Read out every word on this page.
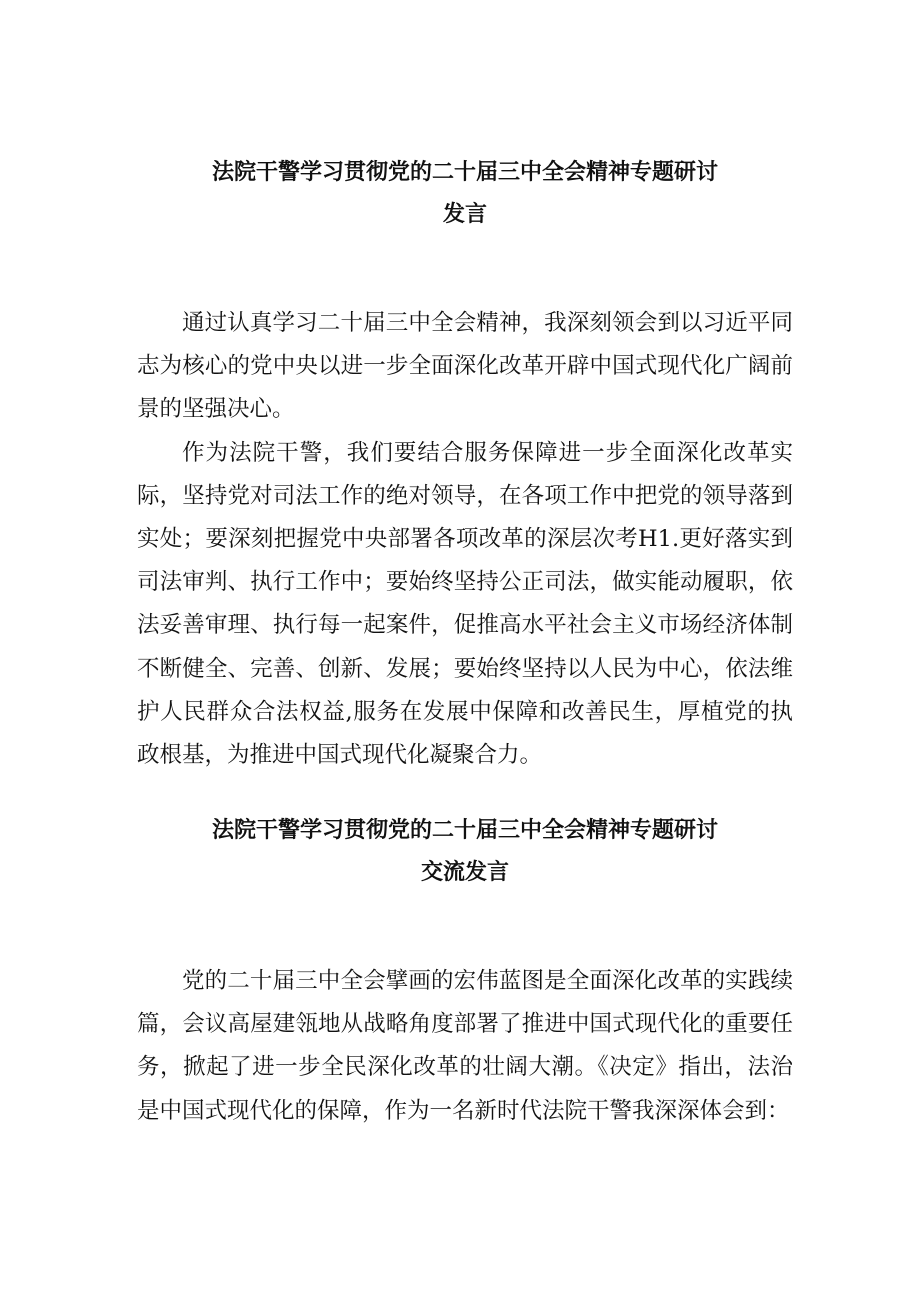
法院干警学习贯彻党的二十届三中全会精神专题研讨
发言

通过认真学习二十届三中全会精神，我深刻领会到以习近平同志为核心的党中央以进一步全面深化改革开辟中国式现代化广阔前景的坚强决心。

作为法院干警，我们要结合服务保障进一步全面深化改革实际，坚持党对司法工作的绝对领导，在各项工作中把党的领导落到实处；要深刻把握党中央部署各项改革的深层次考H1.更好落实到司法审判、执行工作中；要始终坚持公正司法，做实能动履职，依法妥善审理、执行每一起案件，促推高水平社会主义市场经济体制不断健全、完善、创新、发展；要始终坚持以人民为中心，依法维护人民群众合法权益,服务在发展中保障和改善民生，厚植党的执政根基，为推进中国式现代化凝聚合力。

法院干警学习贯彻党的二十届三中全会精神专题研讨
交流发言

党的二十届三中全会擘画的宏伟蓝图是全面深化改革的实践续篇，会议高屋建瓴地从战略角度部署了推进中国式现代化的重要任务，掀起了进一步全民深化改革的壮阔大潮。《决定》指出，法治是中国式现代化的保障，作为一名新时代法院干警我深深体会到：
